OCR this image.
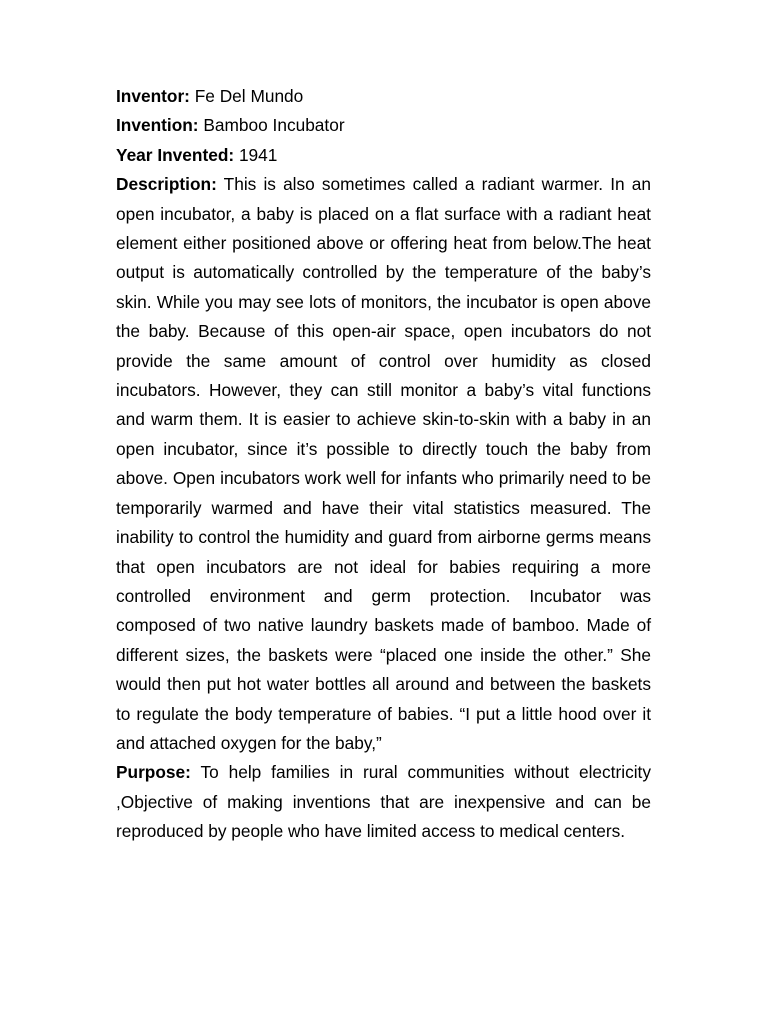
Inventor: Fe Del Mundo

Invention: Bamboo Incubator

Year Invented: 1941

Description: This is also sometimes called a radiant warmer. In an open incubator, a baby is placed on a flat surface with a radiant heat element either positioned above or offering heat from below.The heat output is automatically controlled by the temperature of the baby’s skin. While you may see lots of monitors, the incubator is open above the baby. Because of this open-air space, open incubators do not provide the same amount of control over humidity as closed incubators. However, they can still monitor a baby’s vital functions and warm them. It is easier to achieve skin-to-skin with a baby in an open incubator, since it’s possible to directly touch the baby from above. Open incubators work well for infants who primarily need to be temporarily warmed and have their vital statistics measured. The inability to control the humidity and guard from airborne germs means that open incubators are not ideal for babies requiring a more controlled environment and germ protection. Incubator was composed of two native laundry baskets made of bamboo. Made of different sizes, the baskets were “placed one inside the other.” She would then put hot water bottles all around and between the baskets to regulate the body temperature of babies. “I put a little hood over it and attached oxygen for the baby,”

Purpose: To help families in rural communities without electricity ,Objective of making inventions that are inexpensive and can be reproduced by people who have limited access to medical centers.
